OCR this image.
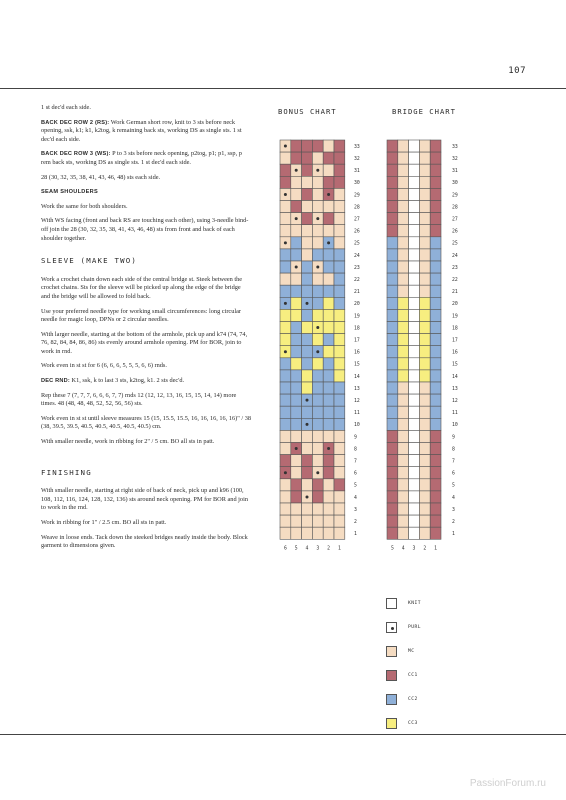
107

1 st dec'd each side.

BACK DEC ROW 2 (RS): Work German short row, knit to 3 sts before neck opening, ssk, k1; k1, k2tog, k remaining back sts, working DS as single sts. 1 st dec'd each side.

BACK DEC ROW 3 (WS): P to 3 sts before neck opening, p2tog, p1; p1, ssp, p rem back sts, working DS as single sts. 1 st dec'd each side.

28 (30, 32, 35, 38, 41, 43, 46, 48) sts each side.

SEAM SHOULDERS

Work the same for both shoulders.

With WS facing (front and back RS are touching each other), using 3-needle bind-off join the 28 (30, 32, 35, 38, 41, 43, 46, 48) sts from front and back of each shoulder together.

SLEEVE (MAKE TWO)

Work a crochet chain down each side of the central bridge st. Steek between the crochet chains. Sts for the sleeve will be picked up along the edge of the bridge and the bridge will be allowed to fold back.

Use your preferred needle type for working small circumferences: long circular needle for magic loop, DPNs or 2 circular needles.

With larger needle, starting at the bottom of the armhole, pick up and k74 (74, 74, 76, 82, 84, 84, 86, 86) sts evenly around armhole opening. PM for BOR, join to work in rnd.

Work even in st st for 6 (6, 6, 6, 5, 5, 5, 6, 6) rnds.

DEC RND: K1, ssk, k to last 3 sts, k2tog, k1. 2 sts dec'd.

Rep these 7 (7, 7, 7, 6, 6, 6, 7, 7) rnds 12 (12, 12, 13, 16, 15, 15, 14, 14) more times. 48 (48, 48, 48, 52, 52, 56, 56) sts.

Work even in st st until sleeve measures 15 (15, 15.5, 15.5, 16, 16, 16, 16, 16)" / 38 (38, 39.5, 39.5, 40.5, 40.5, 40.5, 40.5, 40.5) cm.

With smaller needle, work in ribbing for 2" / 5 cm. BO all sts in patt.

FINISHING

With smaller needle, starting at right side of back of neck, pick up and k96 (100, 108, 112, 116, 124, 128, 132, 136) sts around neck opening. PM for BOR and join to work in the rnd.

Work in ribbing for 1" / 2.5 cm. BO all sts in patt.

Weave in loose ends. Tack down the steeked bridges neatly inside the body. Block garment to dimensions given.

BONUS CHART	BRIDGE CHART
33
32
31
30
29
28
27
26
25
24
23
22
21
20
19
18
17
16
15
14
13
12
11
10
9
8
7
6
5
4
3
2
1
6 5 4 3 2 1
33
32
31
30
29
28
27
26
25
24
23
22
21
20
19
18
17
16
15
14
13
12
11
10
9
8
7
6
5
4
3
2
1
5 4 3 2 1
KNIT
PURL
MC
CC1
CC2
CC3
PassionForum.ru
